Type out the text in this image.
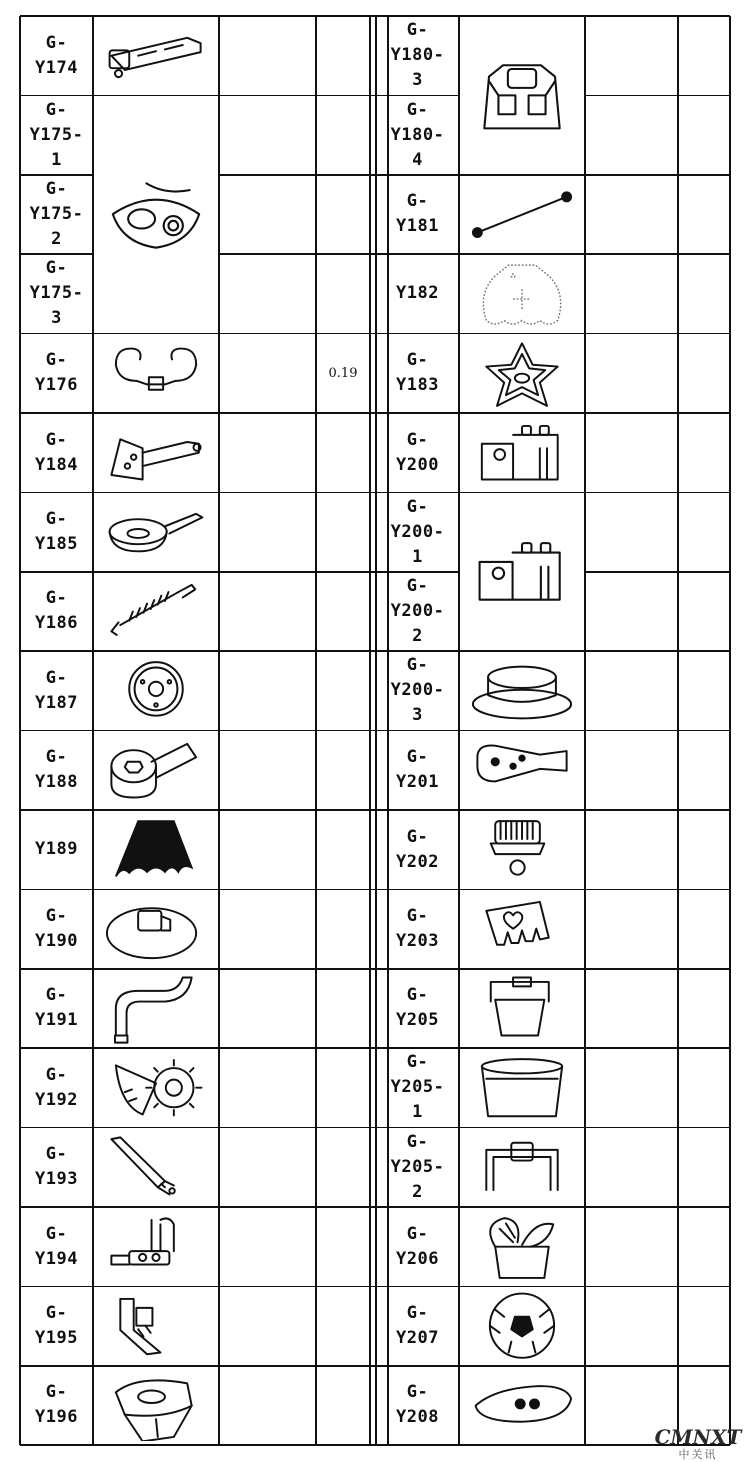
G-
Y174
G-
Y175-
1
G-
Y175-
2
G-
Y175-
3
G-
Y176
0.19
G-
Y184
G-
Y185
G-
Y186
G-
Y187
G-
Y188
Y189
G-
Y190
G-
Y191
G-
Y192
G-
Y193
G-
Y194
G-
Y195
G-
Y196
G-
Y180-
3
G-
Y180-
4
G-
Y181
Y182
G-
Y183
G-
Y200
G-
Y200-
1
G-
Y200-
2
G-
Y200-
3
G-
Y201
G-
Y202
G-
Y203
G-
Y205
G-
Y205-
1
G-
Y205-
2
G-
Y206
G-
Y207
G-
Y208
CMNXT
中关讯
